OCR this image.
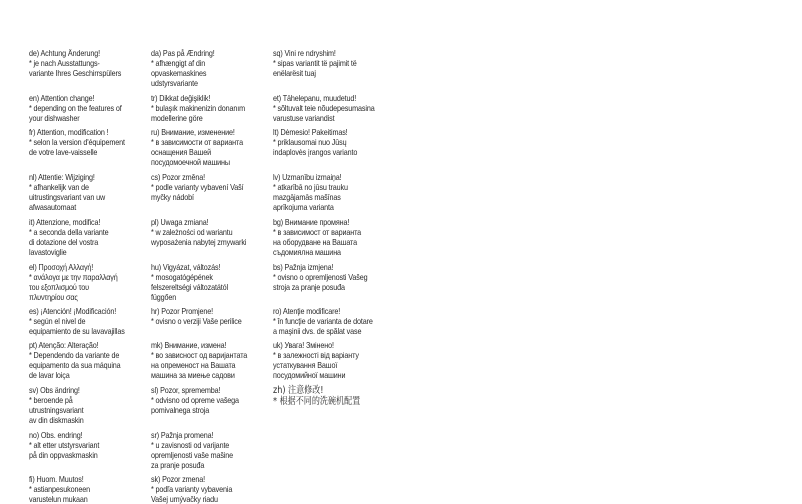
de) Achtung Änderung!
* je nach Ausstattungs-
variante Ihres Geschirrspülers
en) Attention change!
* depending on the features of
your dishwasher
fr) Attention, modification !
* selon la version d'équipement
de votre lave-vaisselle
nl) Attentie: Wijziging!
* afhankelijk van de
uitrustingsvariant van uw
afwasautomaat
it) Attenzione, modifica!
* a seconda della variante
di dotazione del vostra
lavastoviglie
el) Προσοχή Αλλαγή!
* ανάλογα με την παραλλαγή
του εξοπλισμού του
πλυντηρίου σας
es) ¡Atención! ¡Modificación!
* según el nivel de
equipamiento de su lavavajillas
pt) Atenção: Alteração!
* Dependendo da variante de
equipamento da sua máquina
de lavar loiça
sv) Obs ändring!
* beroende på
utrustningsvariant
av din diskmaskin
no) Obs. endring!
* alt etter utstyrsvariant
på din oppvaskmaskin
fi) Huom. Muutos!
* astianpesukoneen
varustelun mukaan
da) Pas på Ændring!
* afhængigt af din
opvaskemaskines
udstyrsvariante
tr) Dikkat değişiklik!
* bulaşık makinenizin donanım
modellerine göre
ru) Внимание, изменение!
* в зависимости от варианта
оснащения Вашей
посудомоечной машины
cs) Pozor změna!
* podle varianty vybavení Vaší
myčky nádobí
pl) Uwaga zmiana!
* w zależności od wariantu
wyposażenia nabytej zmywarki
hu) Vigyázat, változás!
* mosogatógépének
felszereltségi változatától
függően
hr) Pozor Promjene!
* ovisno o verziji Vaše perilice
mk) Внимание, измена!
* во зависност од варијантата
на опременост на Вашата
машина за миење садови
sl) Pozor, sprememba!
* odvisno od opreme vašega
pomivalnega stroja
sr) Pažnja promena!
* u zavisnosti od varijante
opremljenosti vaše mašine
za pranje posuđa
sk) Pozor zmena!
* podľa varianty vybavenia
Vašej umývačky riadu
sq) Vini re ndryshim!
* sipas variantit të pajimit të
enëlarësit tuaj
et) Tähelepanu, muudetud!
* sõltuvalt teie nõudepesumasina
varustuse variandist
lt) Dėmesio! Pakeitimas!
* priklausomai nuo Jūsų
indaplovės įrangos varianto
lv) Uzmanību izmaiņa!
* atkarībā no jūsu trauku
mazgājamās mašīnas
aprīkojuma varianta
bg) Внимание промяна!
* в зависимост от варианта
на оборудване на Вашата
съдомиялна машина
bs) Pažnja izmjena!
* ovisno o opremljenosti Vašeg
stroja za pranje posuđa
ro) Atenţie modificare!
* în funcţie de varianta de dotare
a maşinii dvs. de spălat vase
uk) Увага! Змінено!
* в залежності від варіанту
устаткування Вашої
посудомийної машини
zh) 注意修改!
* 根据不同的洗碗机配置
